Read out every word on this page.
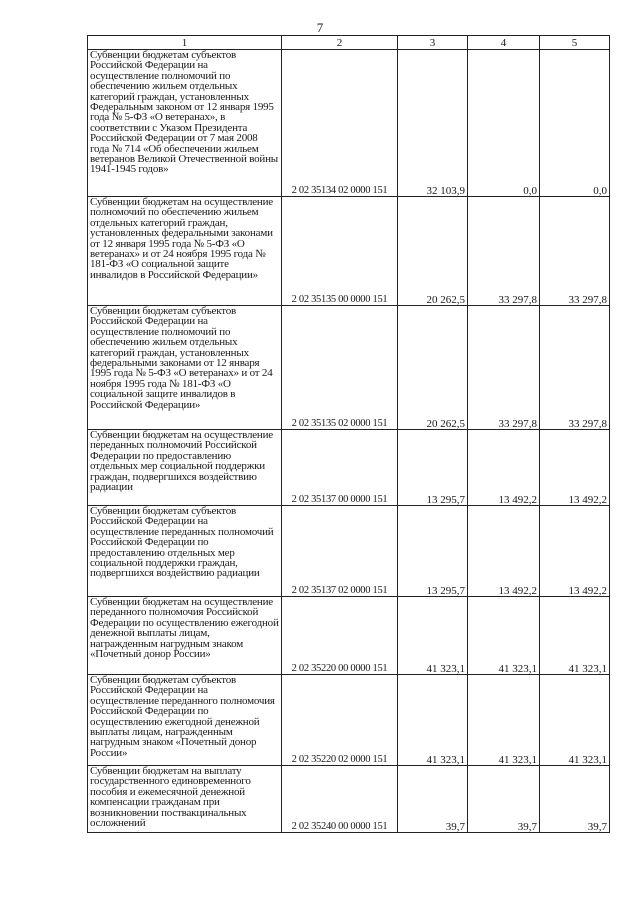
7
1	2	3	4	5
Субвенции бюджетам субъектов Российской Федерации на осуществление полномочий по обеспечению жильем отдельных категорий граждан, установленных Федеральным законом от 12 января 1995 года № 5-ФЗ «О ветеранах», в соответствии с Указом Президента Российской Федерации от 7 мая 2008 года № 714 «Об обеспечении жильем ветеранов Великой Отечественной войны 1941-1945 годов»	2 02 35134 02 0000 151	32 103,9	0,0	0,0
Субвенции бюджетам на осуществление полномочий по обеспечению жильем отдельных категорий граждан, установленных федеральными законами от 12 января 1995 года № 5-ФЗ «О ветеранах» и от 24 ноября 1995 года № 181-ФЗ «О социальной защите инвалидов в Российской Федерации»	2 02 35135 00 0000 151	20 262,5	33 297,8	33 297,8
Субвенции бюджетам субъектов Российской Федерации на осуществление полномочий по обеспечению жильем отдельных категорий граждан, установленных федеральными законами от 12 января 1995 года № 5-ФЗ «О ветеранах» и от 24 ноября 1995 года № 181-ФЗ «О социальной защите инвалидов в Российской Федерации»	2 02 35135 02 0000 151	20 262,5	33 297,8	33 297,8
Субвенции бюджетам на осуществление переданных полномочий Российской Федерации по предоставлению отдельных мер социальной поддержки граждан, подвергшихся воздействию радиации	2 02 35137 00 0000 151	13 295,7	13 492,2	13 492,2
Субвенции бюджетам субъектов Российской Федерации на осуществление переданных полномочий Российской Федерации по предоставлению отдельных мер социальной поддержки граждан, подвергшихся воздействию радиации	2 02 35137 02 0000 151	13 295,7	13 492,2	13 492,2
Субвенции бюджетам на осуществление переданного полномочия Российской Федерации по осуществлению ежегодной денежной выплаты лицам, награжденным нагрудным знаком «Почетный донор России»	2 02 35220 00 0000 151	41 323,1	41 323,1	41 323,1
Субвенции бюджетам субъектов Российской Федерации на осуществление переданного полномочия Российской Федерации по осуществлению ежегодной денежной выплаты лицам, награжденным нагрудным знаком «Почетный донор России»	2 02 35220 02 0000 151	41 323,1	41 323,1	41 323,1
Субвенции бюджетам на выплату государственного единовременного пособия и ежемесячной денежной компенсации гражданам при возникновении поствакцинальных осложнений	2 02 35240 00 0000 151	39,7	39,7	39,7
